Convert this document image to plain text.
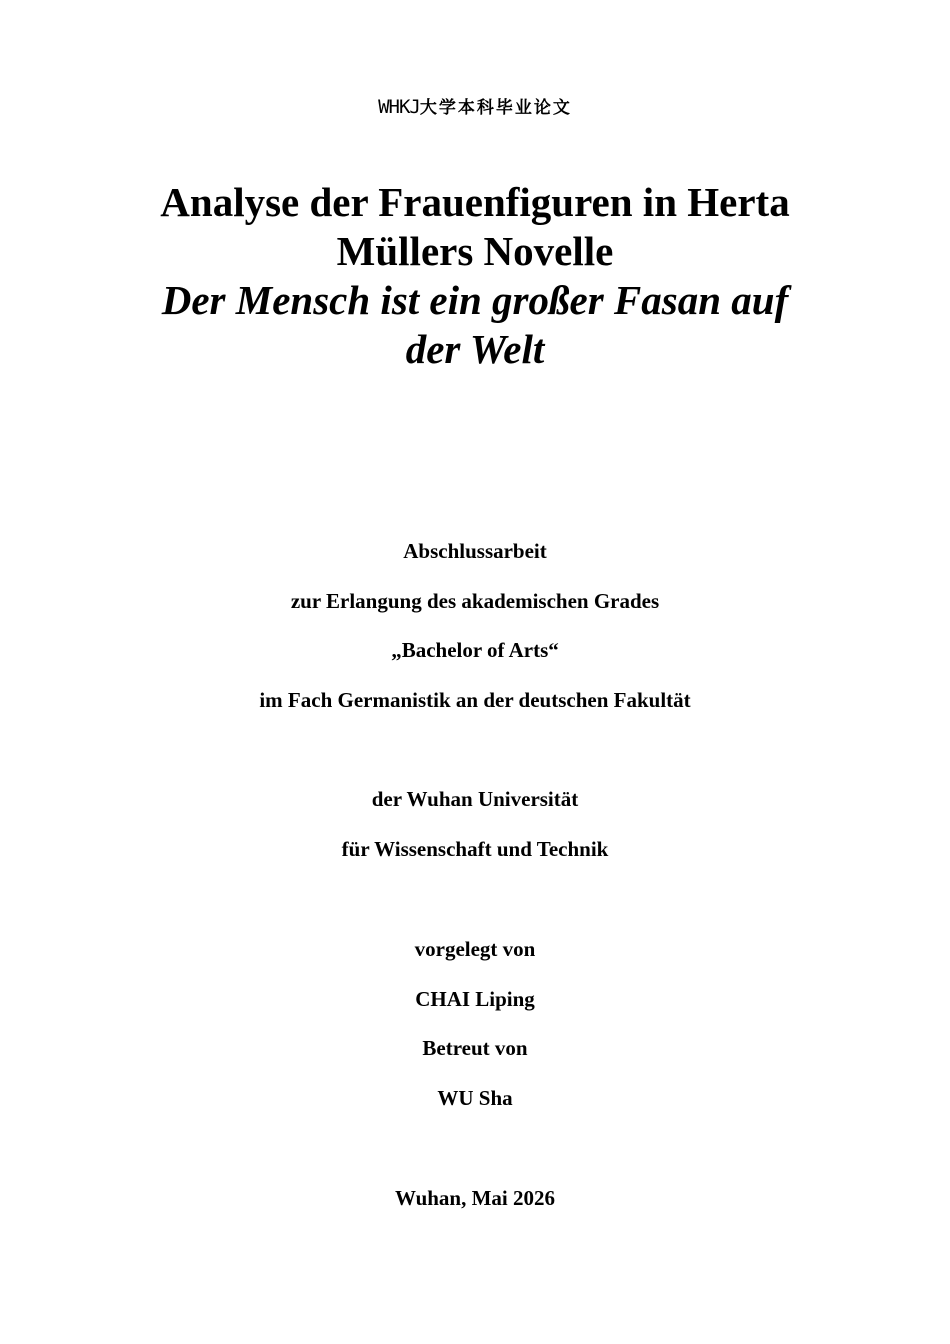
WHKJ大学本科毕业论文
Analyse der Frauenfiguren in Herta
Müllers Novelle
Der Mensch ist ein großer Fasan auf
der Welt
Abschlussarbeit
zur Erlangung des akademischen Grades
„Bachelor of Arts“
im Fach Germanistik an der deutschen Fakultät
der Wuhan Universität
für Wissenschaft und Technik
vorgelegt von
CHAI Liping
Betreut von
WU Sha
Wuhan, Mai 2026
